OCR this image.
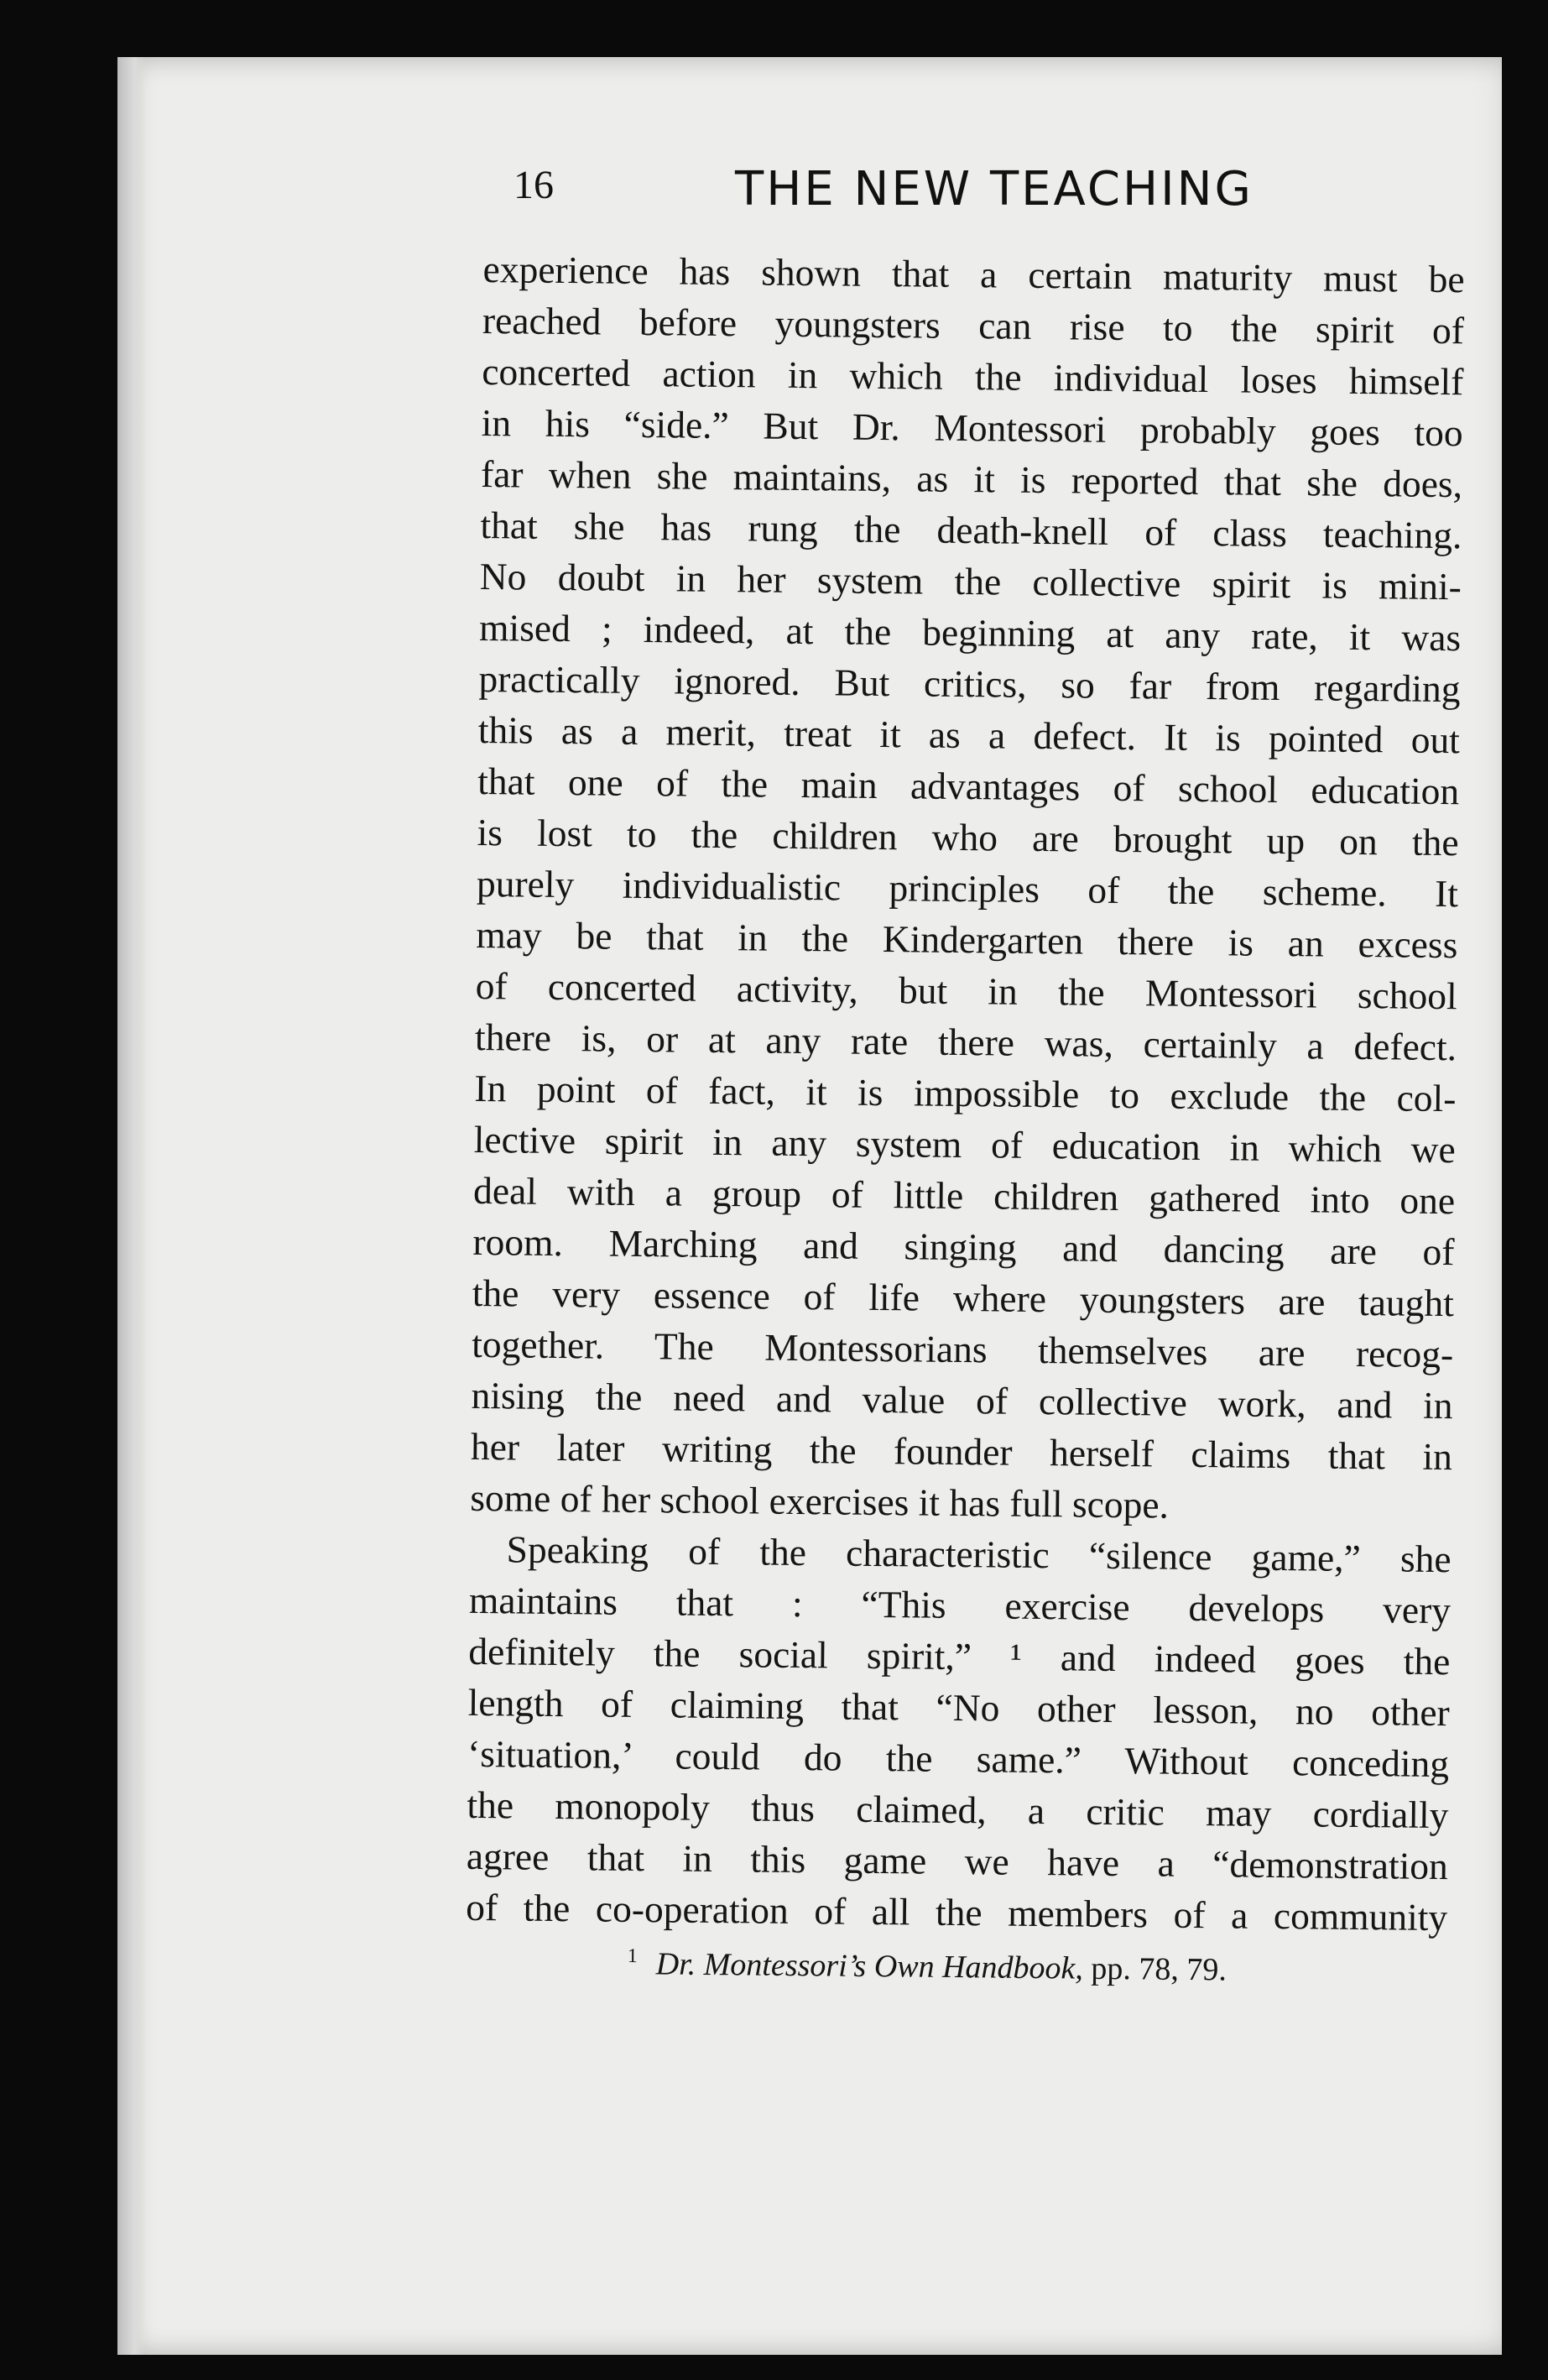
16	THE NEW TEACHING
experience has shown that a certain maturity must be
reached before youngsters can rise to the spirit of
concerted action in which the individual loses himself
in his “side.” But Dr. Montessori probably goes too
far when she maintains, as it is reported that she does,
that she has rung the death-knell of class teaching.
No doubt in her system the collective spirit is mini-
mised ; indeed, at the beginning at any rate, it was
practically ignored. But critics, so far from regarding
this as a merit, treat it as a defect. It is pointed out
that one of the main advantages of school education
is lost to the children who are brought up on the
purely individualistic principles of the scheme. It
may be that in the Kindergarten there is an excess
of concerted activity, but in the Montessori school
there is, or at any rate there was, certainly a defect.
In point of fact, it is impossible to exclude the col-
lective spirit in any system of education in which we
deal with a group of little children gathered into one
room. Marching and singing and dancing are of
the very essence of life where youngsters are taught
together. The Montessorians themselves are recog-
nising the need and value of collective work, and in
her later writing the founder herself claims that in
some of her school exercises it has full scope.
Speaking of the characteristic “silence game,” she
maintains that : “This exercise develops very
definitely the social spirit,” ¹ and indeed goes the
length of claiming that “No other lesson, no other
‘situation,’ could do the same.” Without conceding
the monopoly thus claimed, a critic may cordially
agree that in this game we have a “demonstration
of the co-operation of all the members of a community
$^1$ Dr. Montessori’s Own Handbook, pp. 78, 79.
